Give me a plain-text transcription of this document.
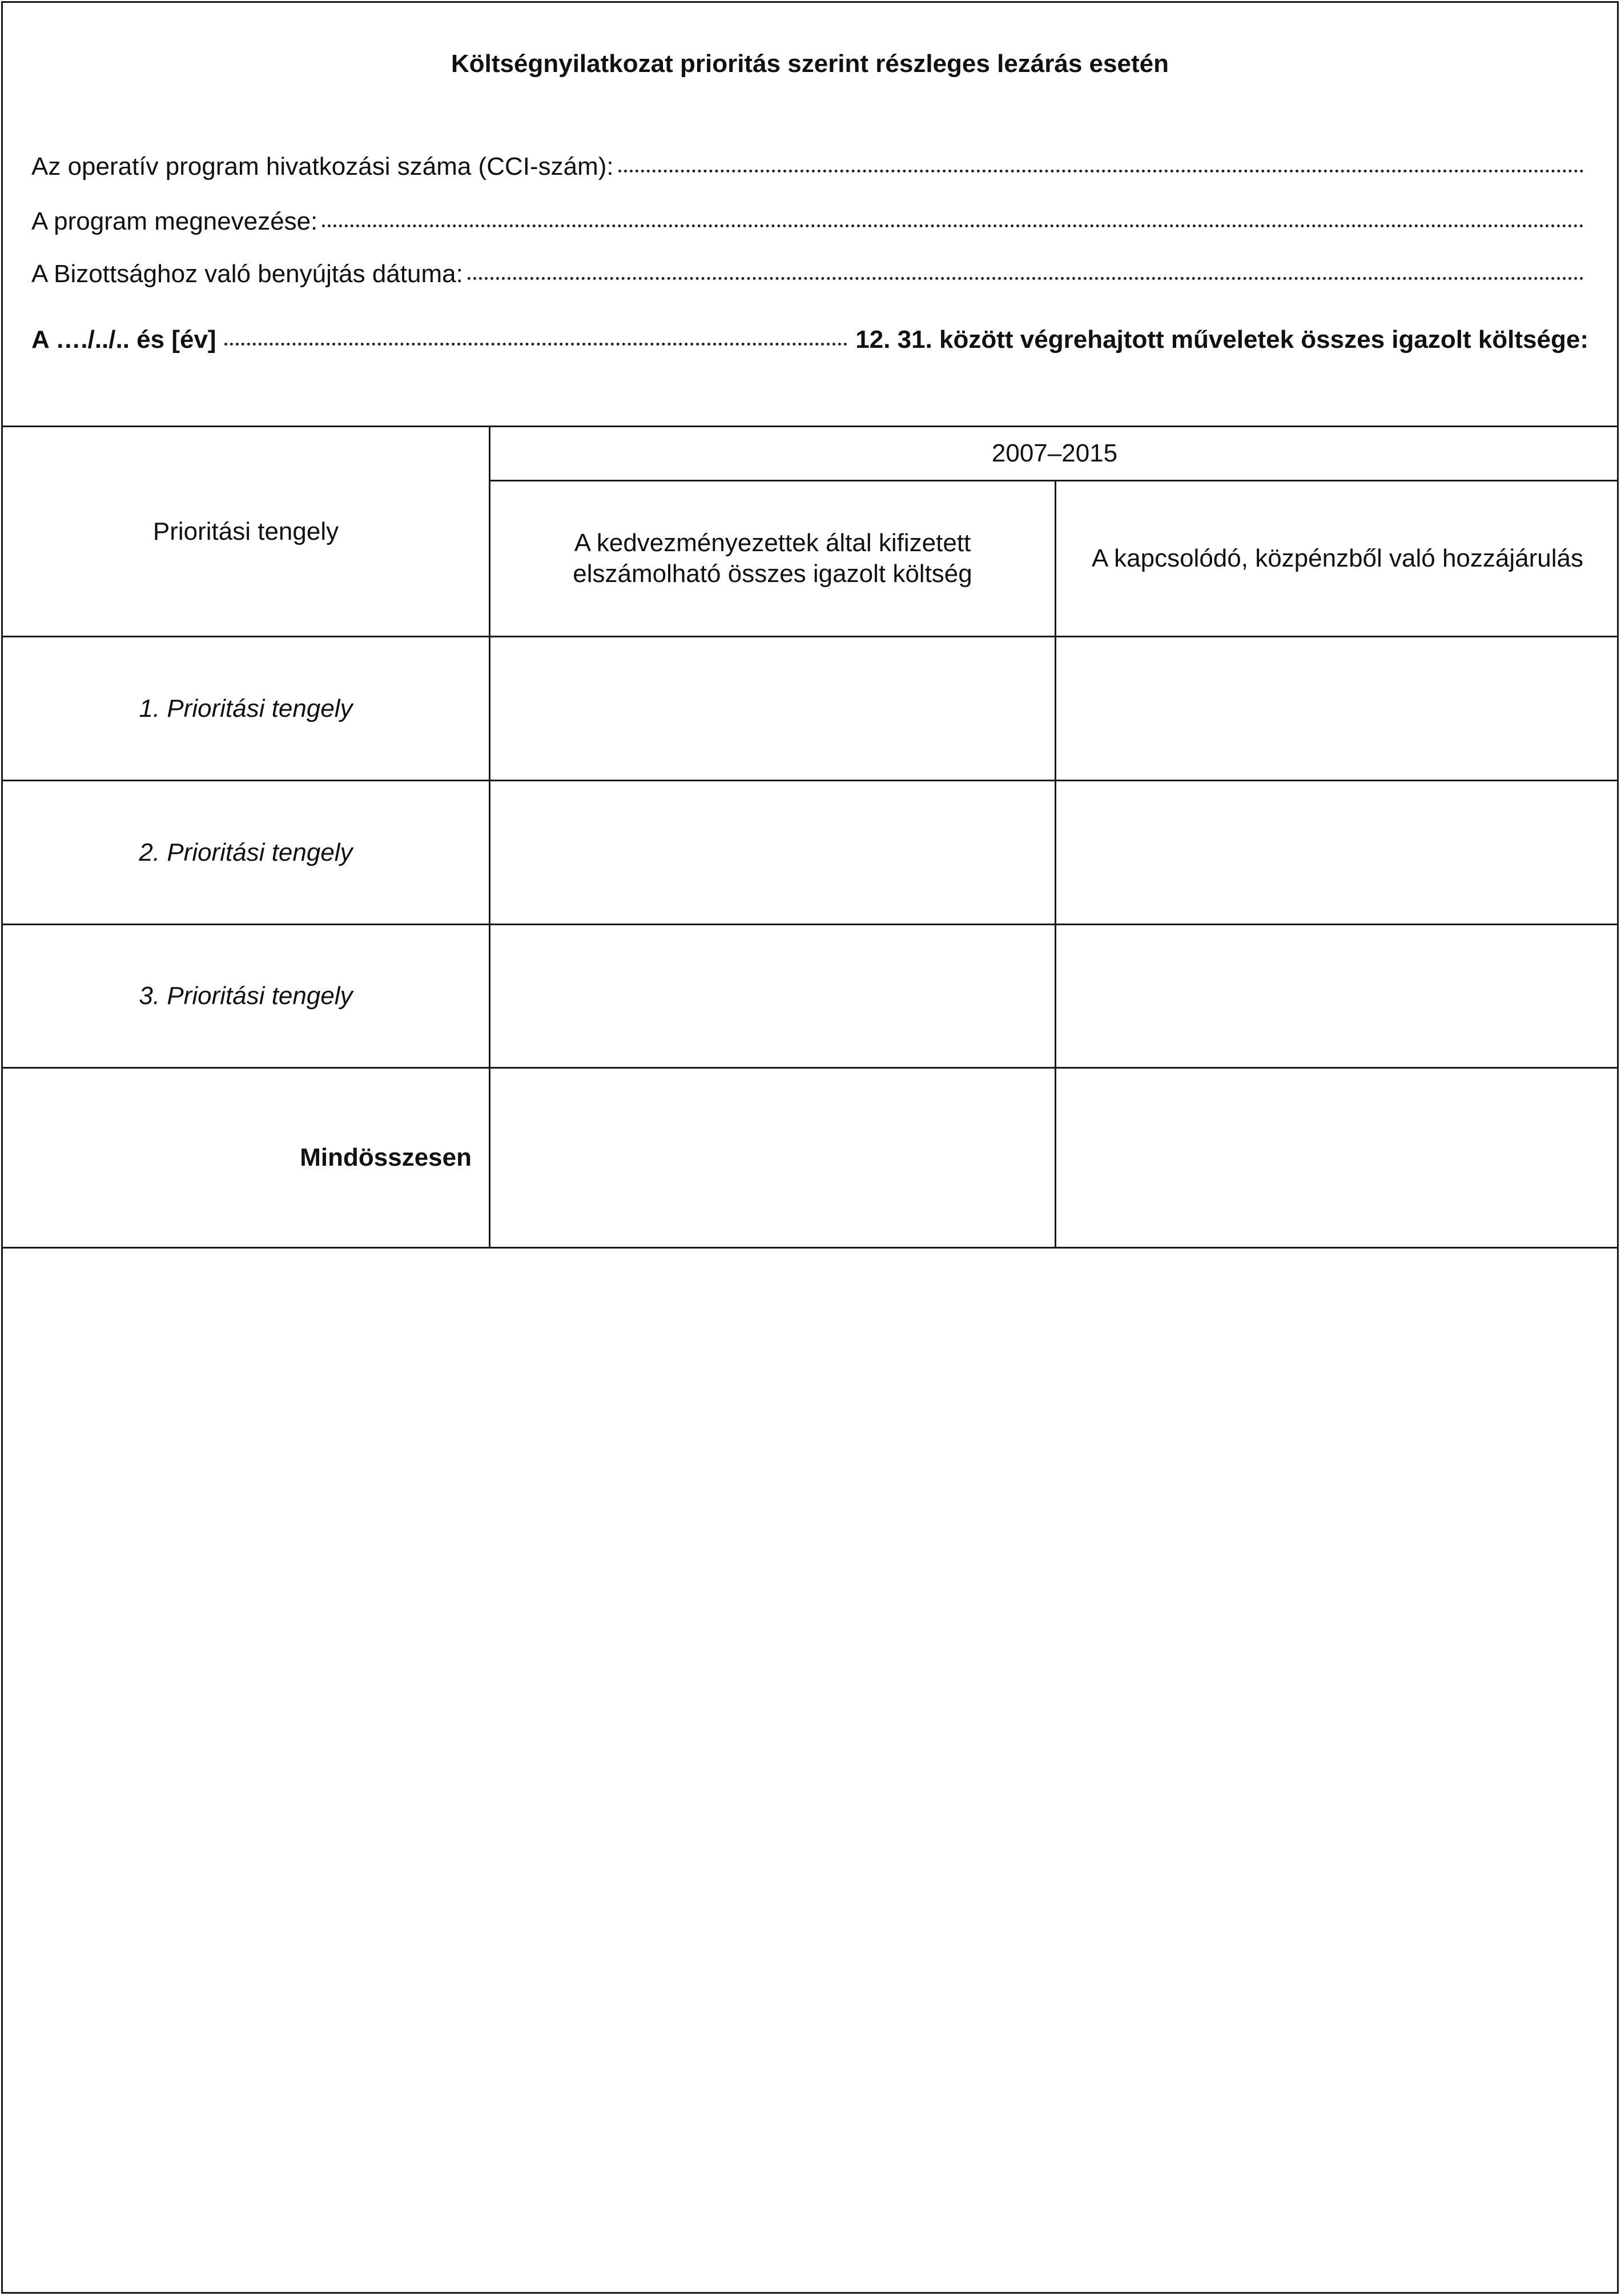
Költségnyilatkozat prioritás szerint részleges lezárás esetén
Az operatív program hivatkozási száma (CCI-szám):
A program megnevezése:
A Bizottsághoz való benyújtás dátuma:
A …./../.. és [év]	12. 31. között végrehajtott műveletek összes igazolt költsége:
Prioritási tengely
2007–2015
A kedvezményezettek által kifizetett elszámolható összes igazolt költség
A kapcsolódó, közpénzből való hozzájárulás
1. Prioritási tengely
2. Prioritási tengely
3. Prioritási tengely
Mindösszesen
